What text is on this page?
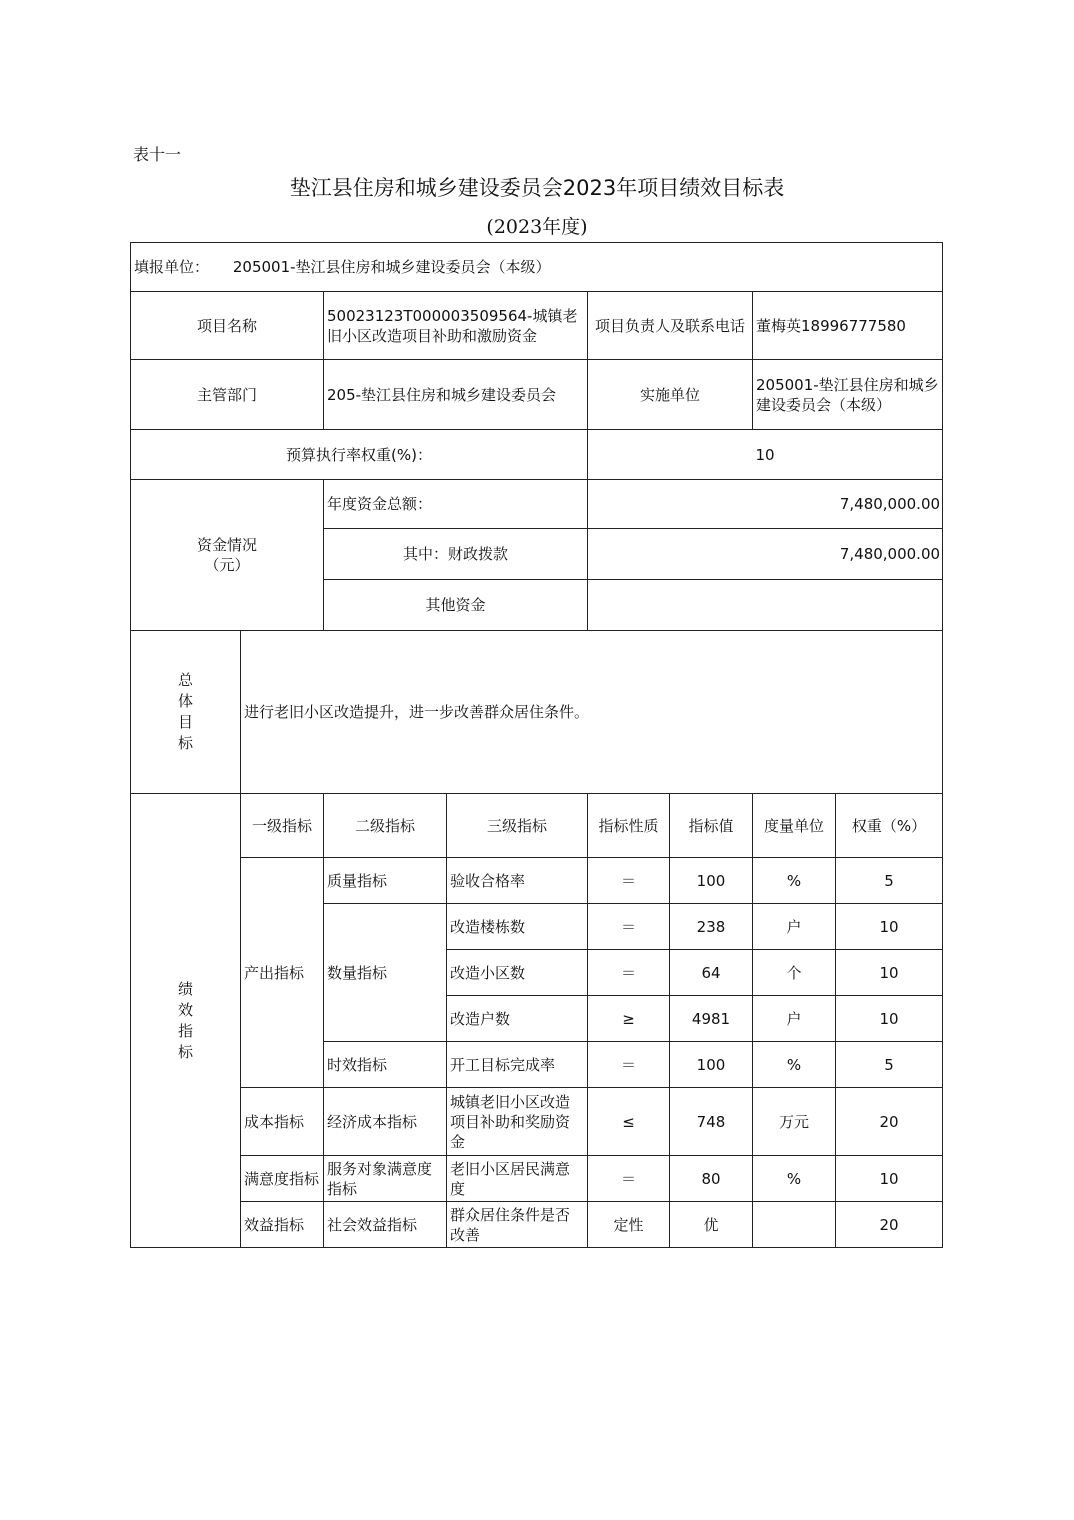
表十一
垫江县住房和城乡建设委员会2023年项目绩效目标表
(2023年度)
填报单位： 205001-垫江县住房和城乡建设委员会（本级）							
项目名称		50023123T000003509564-城镇老旧小区改造项目补助和激励资金		项目负责人及联系电话		董梅英18996777580	
主管部门		205-垫江县住房和城乡建设委员会		实施单位		205001-垫江县住房和城乡建设委员会（本级）	
预算执行率权重(%)：				10			
资金情况（元）		年度资金总额：		7,480,000.00			
		其中：财政拨款		7,480,000.00			
		其他资金					

总体目标	进行老旧小区改造提升，进一步改善群众居住条件。						

绩效指标	一级指标	二级指标	三级指标	指标性质	指标值	度量单位	权重（%）
	产出指标	质量指标	验收合格率	＝	100	%	5
		数量指标	改造楼栋数	＝	238	户	10
			改造小区数	＝	64	个	10
			改造户数	≥	4981	户	10
		时效指标	开工目标完成率	＝	100	%	5
	成本指标	经济成本指标	城镇老旧小区改造项目补助和奖励资金	≤	748	万元	20
	满意度指标	服务对象满意度指标	老旧小区居民满意度	＝	80	%	10
	效益指标	社会效益指标	群众居住条件是否改善	定性	优		20
